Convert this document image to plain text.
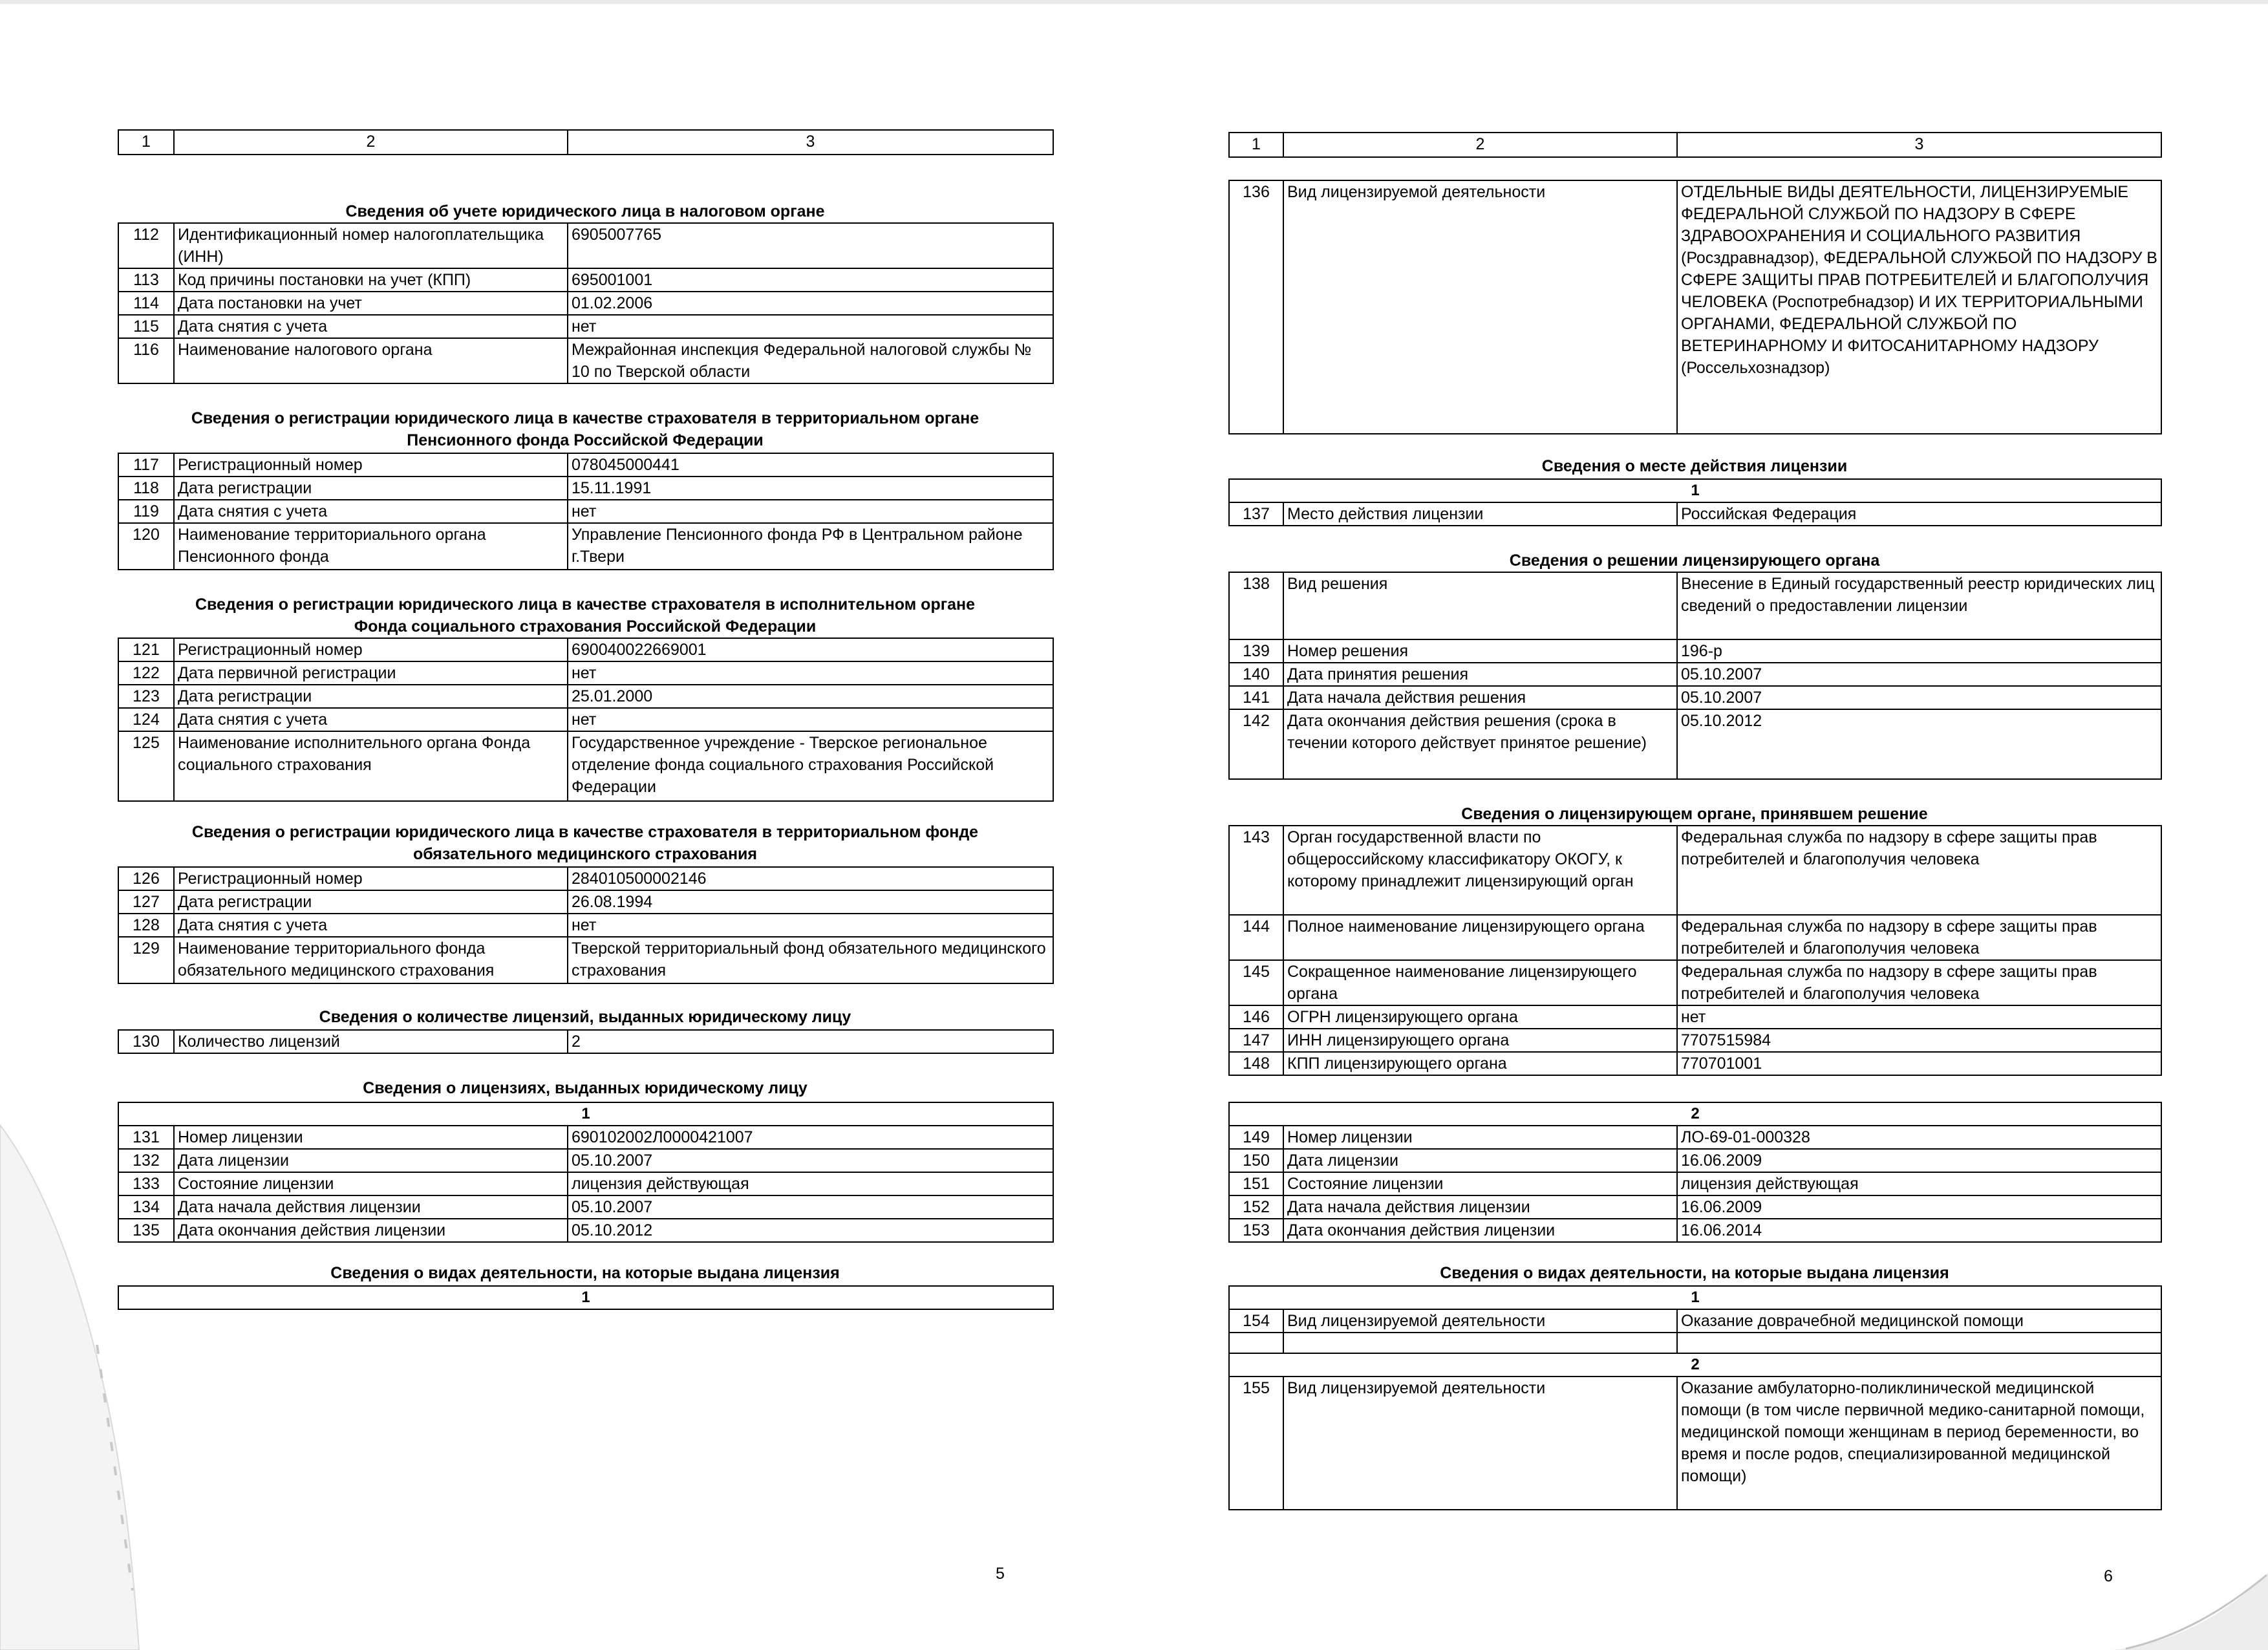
1	2	3
Сведения об учете юридического лица в налоговом органе
112	Идентификационный номер налогоплательщика (ИНН)	6905007765
113	Код причины постановки на учет (КПП)	695001001
114	Дата постановки на учет	01.02.2006
115	Дата снятия с учета	нет
116	Наименование налогового органа	Межрайонная инспекция Федеральной налоговой службы № 10 по Тверской области
Сведения о регистрации юридического лица в качестве страхователя в территориальном органе
Пенсионного фонда Российской Федерации
117	Регистрационный номер	078045000441
118	Дата регистрации	15.11.1991
119	Дата снятия с учета	нет
120	Наименование территориального органа Пенсионного фонда	Управление Пенсионного фонда РФ в Центральном районе г.Твери
Сведения о регистрации юридического лица в качестве страхователя в исполнительном органе
Фонда социального страхования Российской Федерации
121	Регистрационный номер	690040022669001
122	Дата первичной регистрации	нет
123	Дата регистрации	25.01.2000
124	Дата снятия с учета	нет
125	Наименование исполнительного органа Фонда социального страхования	Государственное учреждение - Тверское региональное отделение фонда социального страхования Российской Федерации
Сведения о регистрации юридического лица в качестве страхователя в территориальном фонде
обязательного медицинского страхования
126	Регистрационный номер	284010500002146
127	Дата регистрации	26.08.1994
128	Дата снятия с учета	нет
129	Наименование территориального фонда обязательного медицинского страхования	Тверской территориальный фонд обязательного медицинского страхования
Сведения о количестве лицензий, выданных юридическому лицу
130	Количество лицензий	2
Сведения о лицензиях, выданных юридическому лицу
1		
131	Номер лицензии	690102002Л0000421007
132	Дата лицензии	05.10.2007
133	Состояние лицензии	лицензия действующая
134	Дата начала действия лицензии	05.10.2007
135	Дата окончания действия лицензии	05.10.2012
Сведения о видах деятельности, на которые выдана лицензия
1
5
1	2	3
136	Вид лицензируемой деятельности	ОТДЕЛЬНЫЕ ВИДЫ ДЕЯТЕЛЬНОСТИ, ЛИЦЕНЗИРУЕМЫЕ ФЕДЕРАЛЬНОЙ СЛУЖБОЙ ПО НАДЗОРУ В СФЕРЕ ЗДРАВООХРАНЕНИЯ И СОЦИАЛЬНОГО РАЗВИТИЯ (Росздравнадзор), ФЕДЕРАЛЬНОЙ СЛУЖБОЙ ПО НАДЗОРУ В СФЕРЕ ЗАЩИТЫ ПРАВ ПОТРЕБИТЕЛЕЙ И БЛАГОПОЛУЧИЯ ЧЕЛОВЕКА (Роспотребнадзор) И ИХ ТЕРРИТОРИАЛЬНЫМИ ОРГАНАМИ, ФЕДЕРАЛЬНОЙ СЛУЖБОЙ ПО ВЕТЕРИНАРНОМУ И ФИТОСАНИТАРНОМУ НАДЗОРУ (Россельхознадзор)
Сведения о месте действия лицензии
1
137	Место действия лицензии	Российская Федерация
Сведения о решении лицензирующего органа
138	Вид решения	Внесение в Единый государственный реестр юридических лиц сведений о предоставлении лицензии
139	Номер решения	196-р
140	Дата принятия решения	05.10.2007
141	Дата начала действия решения	05.10.2007
142	Дата окончания действия решения (срока в течении которого действует принятое решение)	05.10.2012
Сведения о лицензирующем органе, принявшем решение
143	Орган государственной власти по общероссийскому классификатору ОКОГУ, к которому принадлежит лицензирующий орган	Федеральная служба по надзору в сфере защиты прав потребителей и благополучия человека
144	Полное наименование лицензирующего органа	Федеральная служба по надзору в сфере защиты прав потребителей и благополучия человека
145	Сокращенное наименование лицензирующего органа	Федеральная служба по надзору в сфере защиты прав потребителей и благополучия человека
146	ОГРН лицензирующего органа	нет
147	ИНН лицензирующего органа	7707515984
148	КПП лицензирующего органа	770701001
2		
149	Номер лицензии	ЛО-69-01-000328
150	Дата лицензии	16.06.2009
151	Состояние лицензии	лицензия действующая
152	Дата начала действия лицензии	16.06.2009
153	Дата окончания действия лицензии	16.06.2014
Сведения о видах деятельности, на которые выдана лицензия
1		
154	Вид лицензируемой деятельности	Оказание доврачебной медицинской помощи

2		
155	Вид лицензируемой деятельности	Оказание амбулаторно-поликлинической медицинской помощи (в том числе первичной медико-санитарной помощи, медицинской помощи женщинам в период беременности, во время и после родов, специализированной медицинской помощи)
6
